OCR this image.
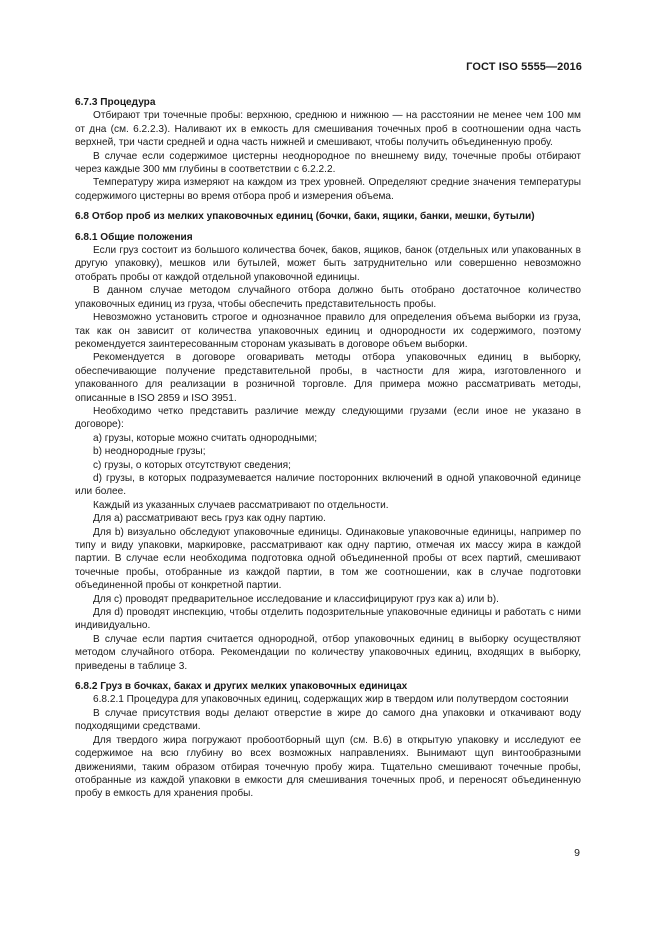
ГОСТ ISO 5555—2016

6.7.3 Процедура

Отбирают три точечные пробы: верхнюю, среднюю и нижнюю — на расстоянии не менее чем 100 мм от дна (см. 6.2.2.3). Наливают их в емкость для смешивания точечных проб в соотношении одна часть верхней, три части средней и одна часть нижней и смешивают, чтобы получить объединенную пробу.

В случае если содержимое цистерны неоднородное по внешнему виду, точечные пробы отбирают через каждые 300 мм глубины в соответствии с 6.2.2.2.

Температуру жира измеряют на каждом из трех уровней. Определяют средние значения температуры содержимого цистерны во время отбора проб и измерения объема.

6.8 Отбор проб из мелких упаковочных единиц (бочки, баки, ящики, банки, мешки, бутыли)

6.8.1 Общие положения

Если груз состоит из большого количества бочек, баков, ящиков, банок (отдельных или упакованных в другую упаковку), мешков или бутылей, может быть затруднительно или совершенно невозможно отобрать пробы от каждой отдельной упаковочной единицы.

В данном случае методом случайного отбора должно быть отобрано достаточное количество упаковочных единиц из груза, чтобы обеспечить представительность пробы.

Невозможно установить строгое и однозначное правило для определения объема выборки из груза, так как он зависит от количества упаковочных единиц и однородности их содержимого, поэтому рекомендуется заинтересованным сторонам указывать в договоре объем выборки.

Рекомендуется в договоре оговаривать методы отбора упаковочных единиц в выборку, обеспечивающие получение представительной пробы, в частности для жира, изготовленного и упакованного для реализации в розничной торговле. Для примера можно рассматривать методы, описанные в ISO 2859 и ISO 3951.

Необходимо четко представить различие между следующими грузами (если иное не указано в договоре):

a) грузы, которые можно считать однородными;

b) неоднородные грузы;

c) грузы, о которых отсутствуют сведения;

d) грузы, в которых подразумевается наличие посторонних включений в одной упаковочной единице или более.

Каждый из указанных случаев рассматривают по отдельности.

Для а) рассматривают весь груз как одну партию.

Для b) визуально обследуют упаковочные единицы. Одинаковые упаковочные единицы, например по типу и виду упаковки, маркировке, рассматривают как одну партию, отмечая их массу жира в каждой партии. В случае если необходима подготовка одной объединенной пробы от всех партий, смешивают точечные пробы, отобранные из каждой партии, в том же соотношении, как в случае подготовки объединенной пробы от конкретной партии.

Для с) проводят предварительное исследование и классифицируют груз как a) или b).

Для d) проводят инспекцию, чтобы отделить подозрительные упаковочные единицы и работать с ними индивидуально.

В случае если партия считается однородной, отбор упаковочных единиц в выборку осуществляют методом случайного отбора. Рекомендации по количеству упаковочных единиц, входящих в выборку, приведены в таблице 3.

6.8.2 Груз в бочках, баках и других мелких упаковочных единицах

6.8.2.1 Процедура для упаковочных единиц, содержащих жир в твердом или полутвердом состоянии

В случае присутствия воды делают отверстие в жире до самого дна упаковки и откачивают воду подходящими средствами.

Для твердого жира погружают пробоотборный щуп (см. В.6) в открытую упаковку и исследуют ее содержимое на всю глубину во всех возможных направлениях. Вынимают щуп винтообразными движениями, таким образом отбирая точечную пробу жира. Тщательно смешивают точечные пробы, отобранные из каждой упаковки в емкости для смешивания точечных проб, и переносят объединенную пробу в емкость для хранения пробы.

9
